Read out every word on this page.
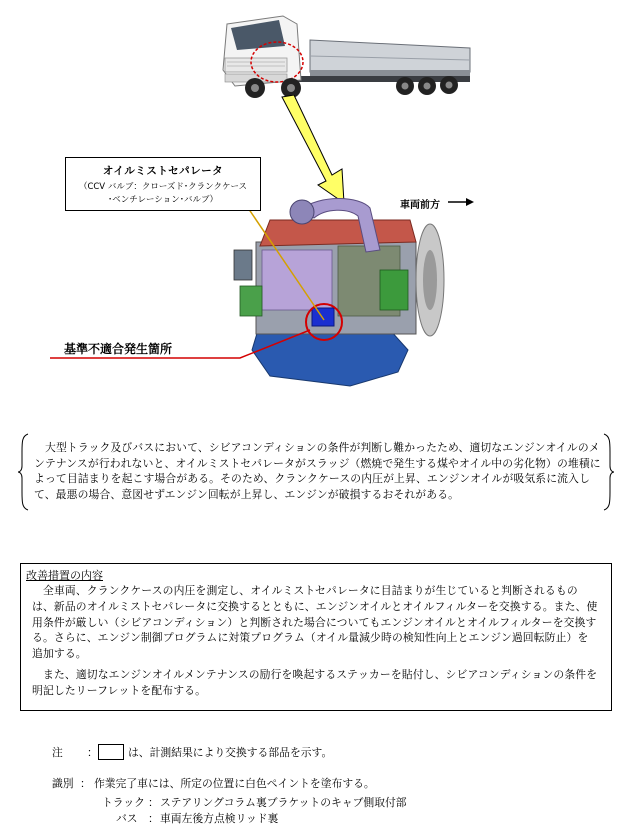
オイルミストセパレータ
（CCV バルブ：クローズド･クランクケース
･ベンチレーション･バルブ）	車両前方
基準不適合発生箇所
大型トラック及びバスにおいて、シビアコンディションの条件が判断し難かったため、適切なエンジンオイルのメンテナンスが行われないと、オイルミストセパレータがスラッジ（燃焼で発生する煤やオイル中の劣化物）の堆積によって目詰まりを起こす場合がある。そのため、クランクケースの内圧が上昇、エンジンオイルが吸気系に流入して、最悪の場合、意図せずエンジン回転が上昇し、エンジンが破損するおそれがある。
改善措置の内容
全車両、クランクケースの内圧を測定し、オイルミストセパレータに目詰まりが生じていると判断されるものは、新品のオイルミストセパレータに交換するとともに、エンジンオイルとオイルフィルターを交換する。また、使用条件が厳しい（シビアコンディション）と判断された場合についてもエンジンオイルとオイルフィルターを交換する。さらに、エンジン制御プログラムに対策プログラム（オイル量減少時の検知性向上とエンジン過回転防止）を追加する。
また、適切なエンジンオイルメンテナンスの励行を喚起するステッカーを貼付し、シビアコンディションの条件を明記したリーフレットを配布する。
注 ：	は、計測結果により交換する部品を示す。
識別 ： 作業完了車には、所定の位置に白色ペイントを塗布する。
トラック ： ステアリングコラム裏ブラケットのキャブ側取付部
バス ： 車両左後方点検リッド裏
